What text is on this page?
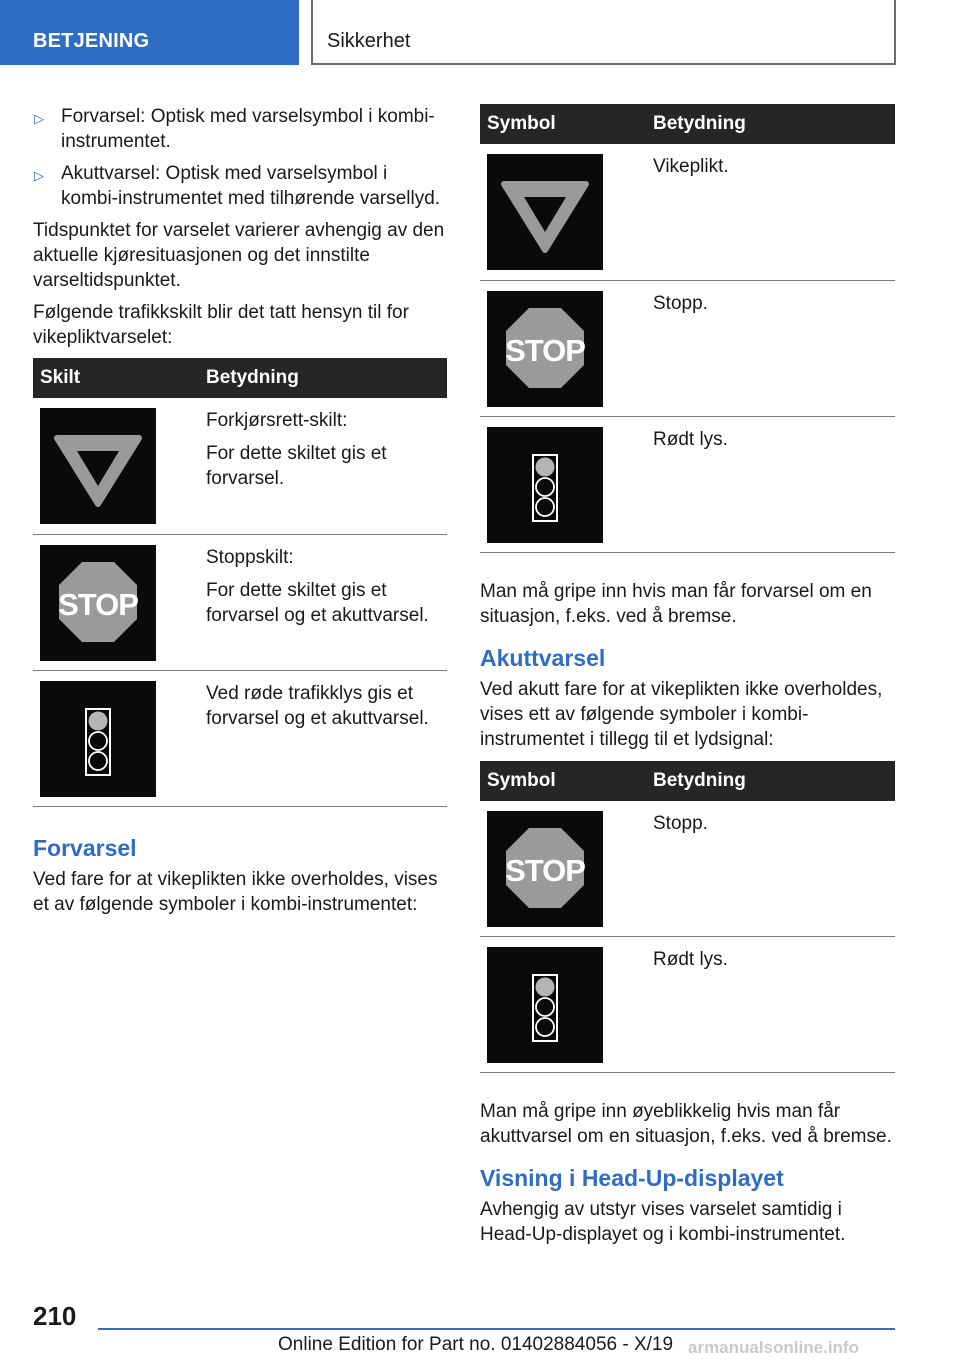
BETJENING	Sikkerhet
▷ Forvarsel: Optisk med varselsymbol i kombi-instrumentet.
▷ Akuttvarsel: Optisk med varselsymbol i kombi-instrumentet med tilhørende varsellyd.

Tidspunktet for varselet varierer avhengig av den aktuelle kjøresituasjonen og det innstilte varseltidspunktet.

Følgende trafikkskilt blir det tatt hensyn til for vikepliktvarselet:

Skilt	Betydning

Forkjørsrett-skilt:
For dette skiltet gis et forvarsel.

Stoppskilt:
For dette skiltet gis et forvarsel og et akuttvarsel.

Ved røde trafikklys gis et forvarsel og et akuttvarsel.
Forvarsel

Ved fare for at vikeplikten ikke overholdes, vises et av følgende symboler i kombi-instrumentet:

Symbol	Betydning

Vikeplikt.

Stopp.

Rødt lys.

Man må gripe inn hvis man får forvarsel om en situasjon, f.eks. ved å bremse.

Akuttvarsel

Ved akutt fare for at vikeplikten ikke overholdes, vises ett av følgende symboler i kombi-instrumentet i tillegg til et lydsignal:

Symbol	Betydning

Stopp.

Rødt lys.

Man må gripe inn øyeblikkelig hvis man får akuttvarsel om en situasjon, f.eks. ved å bremse.

Visning i Head-Up-displayet

Avhengig av utstyr vises varselet samtidig i Head-Up-displayet og i kombi-instrumentet.

210
Online Edition for Part no. 01402884056 - X/19 armanualsonline.info
